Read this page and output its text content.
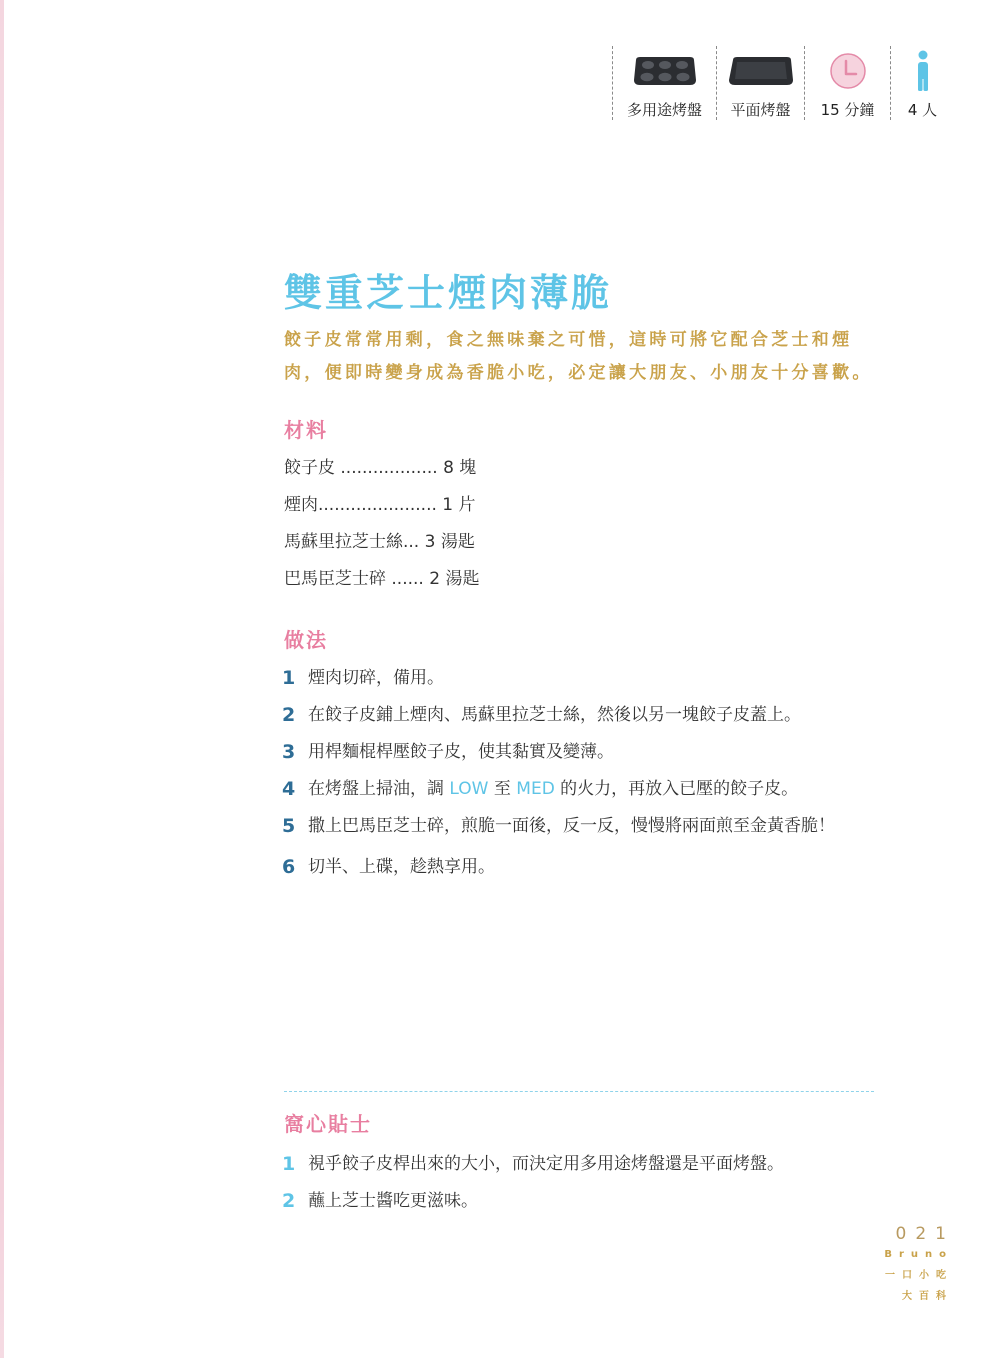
多用途烤盤 平面烤盤 15 分鐘 4 人
雙重芝士煙肉薄脆
餃子皮常常用剩，食之無味棄之可惜，這時可將它配合芝士和煙肉，便即時變身成為香脆小吃，必定讓大朋友、小朋友十分喜歡。
材料
餃子皮 .................. 8 塊
煙肉...................... 1 片
馬蘇里拉芝士絲... 3 湯匙
巴馬臣芝士碎 ...... 2 湯匙
做法
1 煙肉切碎，備用。
2 在餃子皮鋪上煙肉、馬蘇里拉芝士絲，然後以另一塊餃子皮蓋上。
3 用桿麵棍桿壓餃子皮，使其黏實及變薄。
4 在烤盤上掃油，調 LOW 至 MED 的火力，再放入已壓的餃子皮。
5 撒上巴馬臣芝士碎，煎脆一面後，反一反，慢慢將兩面煎至金黃香脆！
6 切半、上碟，趁熱享用。
窩心貼士
1 視乎餃子皮桿出來的大小，而決定用多用途烤盤還是平面烤盤。
2 蘸上芝士醬吃更滋味。
021
Bruno
一口小吃
大百科
